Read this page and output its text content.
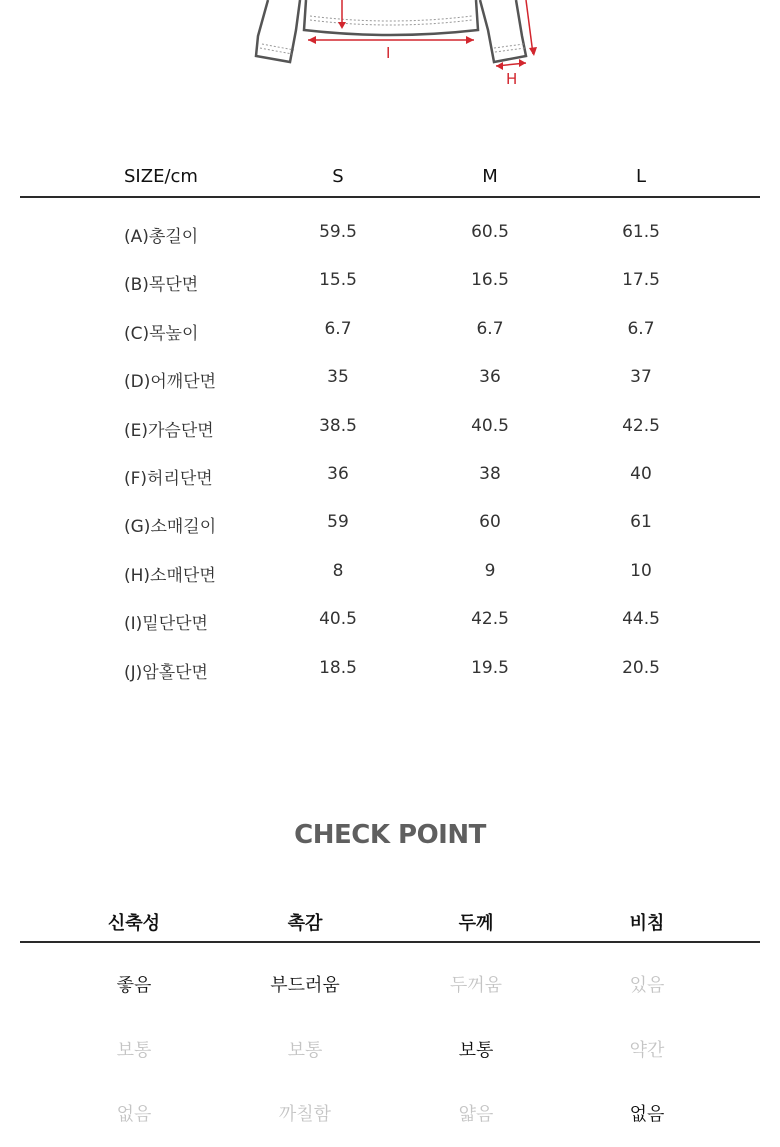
I
H
SIZE/cm	S	M	L
(A)총길이	59.5	60.5	61.5
(B)목단면	15.5	16.5	17.5
(C)목높이	6.7	6.7	6.7
(D)어깨단면	35	36	37
(E)가슴단면	38.5	40.5	42.5
(F)허리단면	36	38	40
(G)소매길이	59	60	61
(H)소매단면	8	9	10
(I)밑단단면	40.5	42.5	44.5
(J)암홀단면	18.5	19.5	20.5
CHECK POINT
신축성	촉감	두께	비침
좋음	부드러움	두꺼움	있음
보통	보통	보통	약간
없음	까칠함	얇음	없음
